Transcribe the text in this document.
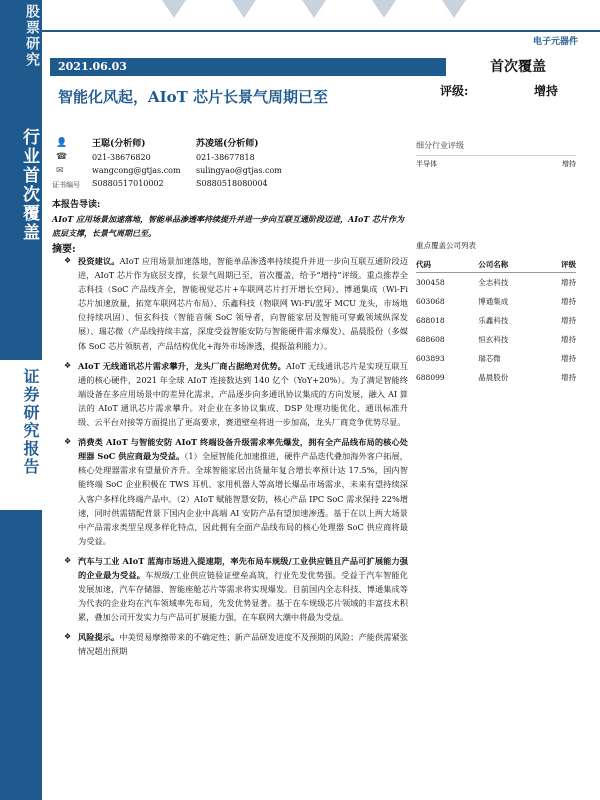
股票研究
行业首次覆盖
证券研究报告
电子元器件
2021.06.03	首次覆盖
智能化风起，AIoT 芯片长景气周期已至	评级:	增持
👤
☎
✉
王聪(分析师)
021-38676820
wangcong@gtjas.com
S0880517010002
苏凌瑶(分析师)
021-38677818
sulingyao@gtjas.com
S0880518080004
证书编号
细分行业评级
半导体	增持
本报告导读:
AIoT 应用场景加速落地，智能单品渗透率持续提升并进一步向互联互通阶段迈进，AIoT 芯片作为底层支撑，长景气周期已至。
摘要:
❖ 投资建议。AIoT 应用场景加速落地，智能单品渗透率持续提升并进一步向互联互通阶段迈进，AIoT 芯片作为底层支撑，长景气周期已至，首次覆盖，给予“增持”评级。重点推荐全志科技（SoC 产品线齐全，智能视觉芯片+车联网芯片打开增长空间）、博通集成（Wi-Fi 芯片加速放量，拓宽车联网芯片布局）、乐鑫科技（物联网 Wi-Fi/蓝牙 MCU 龙头，市场地位持续巩固）、恒玄科技（智能音频 SoC 领导者，向智能家居及智能可穿戴领域纵深发展）、瑞芯微（产品线持续丰富，深度受益智能安防与智能硬件需求爆发）、晶晨股份（多媒体 SoC 芯片领航者，产品结构优化+海外市场渗透，提振盈利能力）。
❖ AIoT 无线通讯芯片需求攀升，龙头厂商占据绝对优势。AIoT 无线通讯芯片是实现互联互通的核心硬件，2021 年全球 AIoT 连接数达到 140 亿个（YoY+20%）。为了满足智能终端设备在多应用场景中的差异化需求，产品逐步向多通讯协议集成的方向发展，融入 AI 算法的 AIoT 通讯芯片需求攀升。对企业在多协议集成、DSP 处理功能优化、通讯标准升级、云平台对接等方面提出了更高要求，赛道壁垒将进一步加高，龙头厂商竞争优势尽显。
❖ 消费类 AIoT 与智能安防 AIoT 终端设备升级需求率先爆发，拥有全产品线布局的核心处理器 SoC 供应商最为受益。（1）全屋智能化加速推进，硬件产品迭代叠加海外客户拓展，核心处理器需求有望量价齐升。全球智能家居出货量年复合增长率预计达 17.5%，国内智能终端 SoC 企业积极在 TWS 耳机、家用机器人等高增长爆品市场需求，未来有望持续深入客户多样化终端产品中。（2）AIoT 赋能智慧安防，核心产品 IPC SoC 需求保持 22%增速，同时供需错配背景下国内企业中高端 AI 安防产品有望加速渗透。基于在以上两大场景中产品需求类型呈现多样化特点，因此拥有全面产品线布局的核心处理器 SoC 供应商将最为受益。
❖ 汽车与工业 AIoT 蓝海市场进入提速期，率先布局车规级/工业供应链且产品可扩展能力强的企业最为受益。车规级/工业供应链验证壁垒高筑，行业先发优势强。受益于汽车智能化发展加速，汽车存储器、智能座舱芯片等需求将实现爆发。目前国内全志科技、博通集成等为代表的企业均在汽车领域率先布局，先发优势显著。基于在车规级芯片领域的丰富技术积累，叠加公司开发实力与产品可扩展能力强，在车联网大潮中将最为受益。
❖ 风险提示。中美贸易摩擦带来的不确定性；新产品研发进度不及预期的风险；产能供需紧张情况超出预期
重点覆盖公司列表
代码	公司名称	评级
300458	全志科技	增持
603068	博通集成	增持
688018	乐鑫科技	增持
688608	恒玄科技	增持
603893	瑞芯微	增持
688099	晶晨股份	增持
